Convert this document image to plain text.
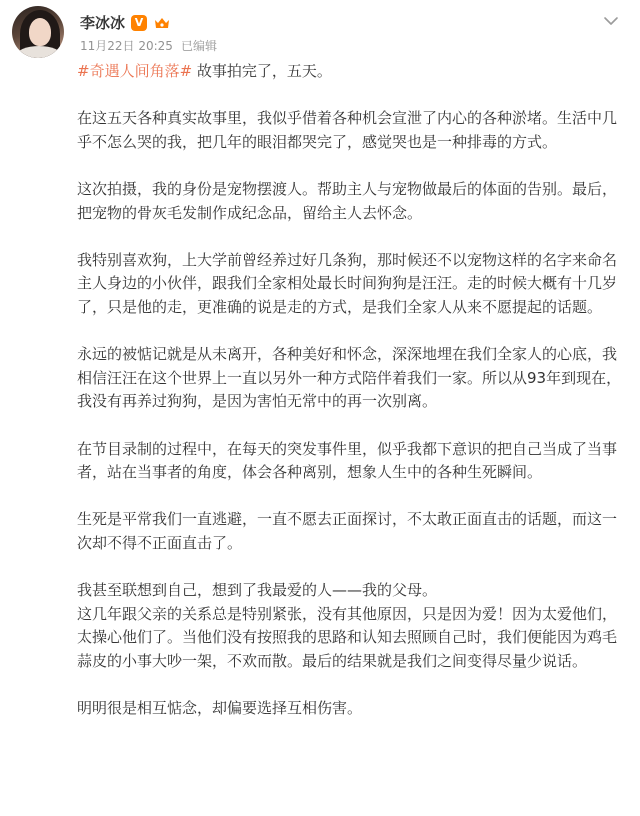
李冰冰 V
11月22日 20:25 已编辑

#奇遇人间角落# 故事拍完了，五天。

在这五天各种真实故事里，我似乎借着各种机会宣泄了内心的各种淤堵。生活中几乎不怎么哭的我，把几年的眼泪都哭完了，感觉哭也是一种排毒的方式。

这次拍摄，我的身份是宠物摆渡人。帮助主人与宠物做最后的体面的告别。最后，把宠物的骨灰毛发制作成纪念品，留给主人去怀念。

我特别喜欢狗，上大学前曾经养过好几条狗，那时候还不以宠物这样的名字来命名主人身边的小伙伴，跟我们全家相处最长时间狗狗是汪汪。走的时候大概有十几岁了，只是他的走，更准确的说是走的方式，是我们全家人从来不愿提起的话题。

永远的被惦记就是从未离开，各种美好和怀念，深深地埋在我们全家人的心底，我相信汪汪在这个世界上一直以另外一种方式陪伴着我们一家。所以从93年到现在，我没有再养过狗狗，是因为害怕无常中的再一次别离。

在节目录制的过程中，在每天的突发事件里，似乎我都下意识的把自己当成了当事者，站在当事者的角度，体会各种离别，想象人生中的各种生死瞬间。

生死是平常我们一直逃避，一直不愿去正面探讨，不太敢正面直击的话题，而这一次却不得不正面直击了。

我甚至联想到自己，想到了我最爱的人——我的父母。

这几年跟父亲的关系总是特别紧张，没有其他原因，只是因为爱！因为太爱他们，太操心他们了。当他们没有按照我的思路和认知去照顾自己时，我们便能因为鸡毛蒜皮的小事大吵一架，不欢而散。最后的结果就是我们之间变得尽量少说话。

明明很是相互惦念，却偏要选择互相伤害。
